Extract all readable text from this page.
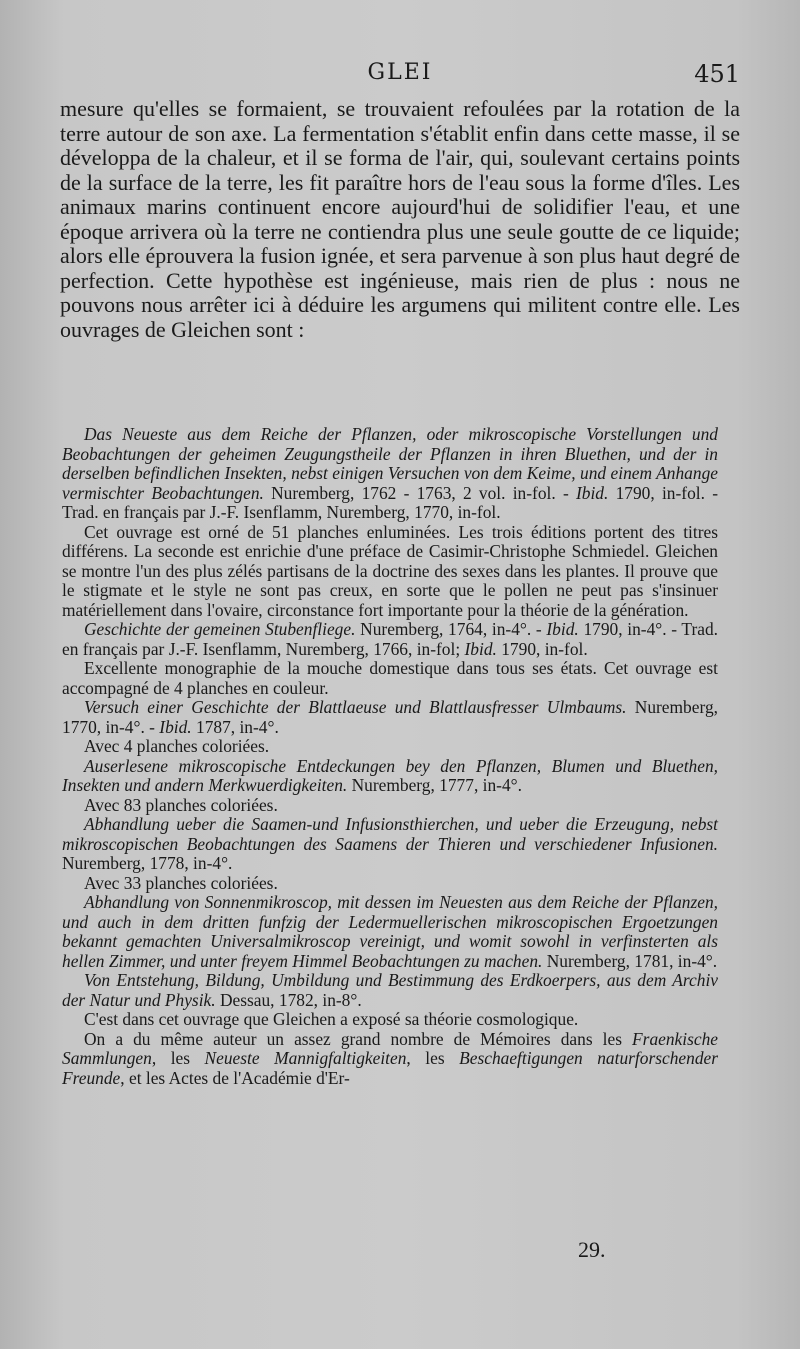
GLEI	451

mesure qu'elles se formaient, se trouvaient refoulées par la rotation de la terre autour de son axe. La fermentation s'établit enfin dans cette masse, il se développa de la chaleur, et il se forma de l'air, qui, soulevant certains points de la surface de la terre, les fit paraître hors de l'eau sous la forme d'îles. Les animaux marins continuent encore aujourd'hui de solidifier l'eau, et une époque arrivera où la terre ne contiendra plus une seule goutte de ce liquide; alors elle éprouvera la fusion ignée, et sera parvenue à son plus haut degré de perfection. Cette hypothèse est ingénieuse, mais rien de plus : nous ne pouvons nous arrêter ici à déduire les argumens qui militent contre elle. Les ouvrages de Gleichen sont :

Das Neueste aus dem Reiche der Pflanzen, oder mikroscopische Vorstellungen und Beobachtungen der geheimen Zeugungstheile der Pflanzen in ihren Bluethen, und der in derselben befindlichen Insekten, nebst einigen Versuchen von dem Keime, und einem Anhange vermischter Beobachtungen. Nuremberg, 1762 - 1763, 2 vol. in-fol. - Ibid. 1790, in-fol. - Trad. en français par J.-F. Isenflamm, Nuremberg, 1770, in-fol.

Cet ouvrage est orné de 51 planches enluminées. Les trois éditions portent des titres différens. La seconde est enrichie d'une préface de Casimir-Christophe Schmiedel. Gleichen se montre l'un des plus zélés partisans de la doctrine des sexes dans les plantes. Il prouve que le stigmate et le style ne sont pas creux, en sorte que le pollen ne peut pas s'insinuer matériellement dans l'ovaire, circonstance fort importante pour la théorie de la génération.

Geschichte der gemeinen Stubenfliege. Nuremberg, 1764, in-4°. - Ibid. 1790, in-4°. - Trad. en français par J.-F. Isenflamm, Nuremberg, 1766, in-fol; Ibid. 1790, in-fol.

Excellente monographie de la mouche domestique dans tous ses états. Cet ouvrage est accompagné de 4 planches en couleur.

Versuch einer Geschichte der Blattlaeuse und Blattlausfresser Ulmbaums. Nuremberg, 1770, in-4°. - Ibid. 1787, in-4°.

Avec 4 planches coloriées.

Auserlesene mikroscopische Entdeckungen bey den Pflanzen, Blumen und Bluethen, Insekten und andern Merkwuerdigkeiten. Nuremberg, 1777, in-4°.

Avec 83 planches coloriées.

Abhandlung ueber die Saamen-und Infusionsthierchen, und ueber die Erzeugung, nebst mikroscopischen Beobachtungen des Saamens der Thieren und verschiedener Infusionen. Nuremberg, 1778, in-4°.

Avec 33 planches coloriées.

Abhandlung von Sonnenmikroscop, mit dessen im Neuesten aus dem Reiche der Pflanzen, und auch in dem dritten funfzig der Ledermuellerischen mikroscopischen Ergoetzungen bekannt gemachten Universalmikroscop vereinigt, und womit sowohl in verfinsterten als hellen Zimmer, und unter freyem Himmel Beobachtungen zu machen. Nuremberg, 1781, in-4°.

Von Entstehung, Bildung, Umbildung und Bestimmung des Erdkoerpers, aus dem Archiv der Natur und Physik. Dessau, 1782, in-8°.

C'est dans cet ouvrage que Gleichen a exposé sa théorie cosmologique.

On a du même auteur un assez grand nombre de Mémoires dans les Fraenkische Sammlungen, les Neueste Mannigfaltigkeiten, les Beschaeftigungen naturforschender Freunde, et les Actes de l'Académie d'Er-

29.
